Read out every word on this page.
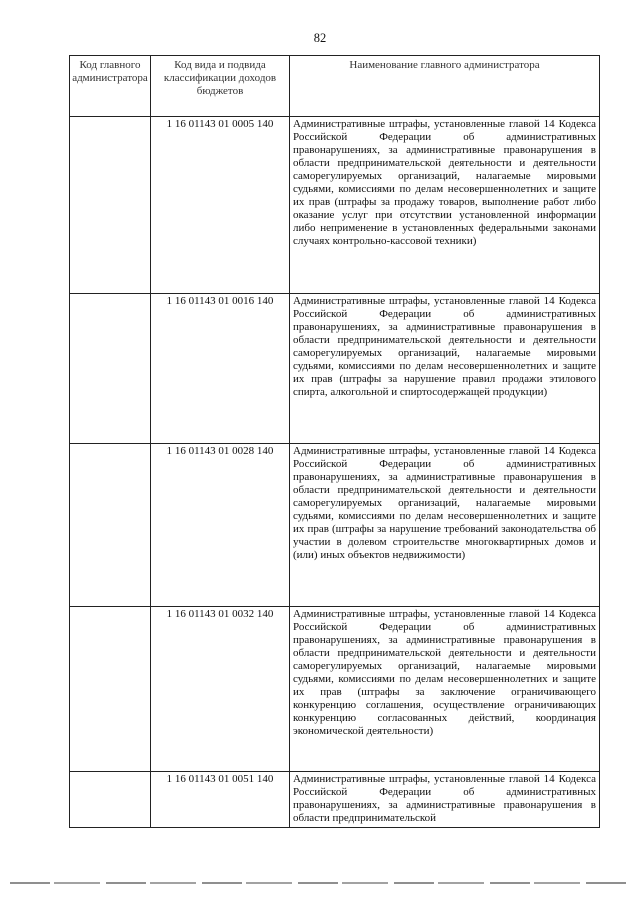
82
Код главного администратора	Код вида и подвида классификации доходов бюджетов	Наименование главного администратора
	1 16 01143 01 0005 140	Административные штрафы, установленные главой 14 Кодекса Российской Федерации об административных правонарушениях, за административные правонарушения в области предпринимательской деятельности и деятельности саморегулируемых организаций, налагаемые мировыми судьями, комиссиями по делам несовершеннолетних и защите их прав (штрафы за продажу товаров, выполнение работ либо оказание услуг при отсутствии установленной информации либо неприменение в установленных федеральными законами случаях контрольно-кассовой техники)
	1 16 01143 01 0016 140	Административные штрафы, установленные главой 14 Кодекса Российской Федерации об административных правонарушениях, за административные правонарушения в области предпринимательской деятельности и деятельности саморегулируемых организаций, налагаемые мировыми судьями, комиссиями по делам несовершеннолетних и защите их прав (штрафы за нарушение правил продажи этилового спирта, алкогольной и спиртосодержащей продукции)
	1 16 01143 01 0028 140	Административные штрафы, установленные главой 14 Кодекса Российской Федерации об административных правонарушениях, за административные правонарушения в области предпринимательской деятельности и деятельности саморегулируемых организаций, налагаемые мировыми судьями, комиссиями по делам несовершеннолетних и защите их прав (штрафы за нарушение требований законодательства об участии в долевом строительстве многоквартирных домов и (или) иных объектов недвижимости)
	1 16 01143 01 0032 140	Административные штрафы, установленные главой 14 Кодекса Российской Федерации об административных правонарушениях, за административные правонарушения в области предпринимательской деятельности и деятельности саморегулируемых организаций, налагаемые мировыми судьями, комиссиями по делам несовершеннолетних и защите их прав (штрафы за заключение ограничивающего конкуренцию соглашения, осуществление ограничивающих конкуренцию согласованных действий, координация экономической деятельности)
	1 16 01143 01 0051 140	Административные штрафы, установленные главой 14 Кодекса Российской Федерации об административных правонарушениях, за административные правонарушения в области предпринимательской
